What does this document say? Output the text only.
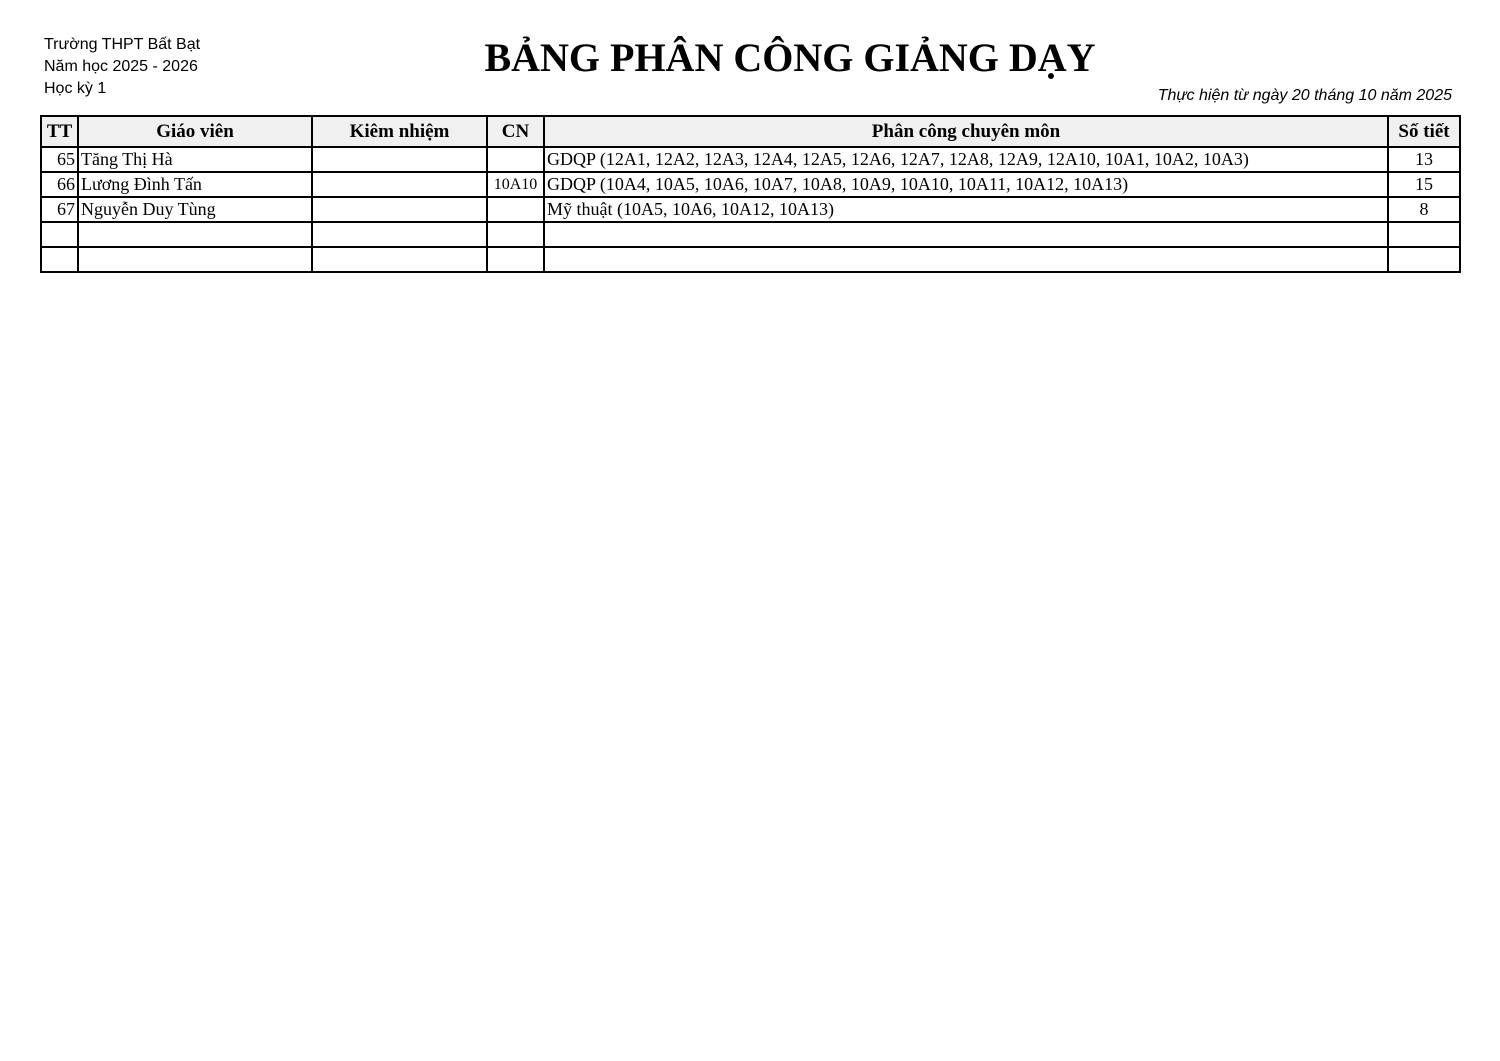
Trường THPT Bất Bạt
Năm học 2025 - 2026
Học kỳ 1
BẢNG PHÂN CÔNG GIẢNG DẠY
Thực hiện từ ngày 20 tháng 10 năm 2025
TT	Giáo viên	Kiêm nhiệm	CN	Phân công chuyên môn	Số tiết
65	Tăng Thị Hà			GDQP (12A1, 12A2, 12A3, 12A4, 12A5, 12A6, 12A7, 12A8, 12A9, 12A10, 10A1, 10A2, 10A3)	13
66	Lương Đình Tấn		10A10	GDQP (10A4, 10A5, 10A6, 10A7, 10A8, 10A9, 10A10, 10A11, 10A12, 10A13)	15
67	Nguyễn Duy Tùng			Mỹ thuật (10A5, 10A6, 10A12, 10A13)	8
